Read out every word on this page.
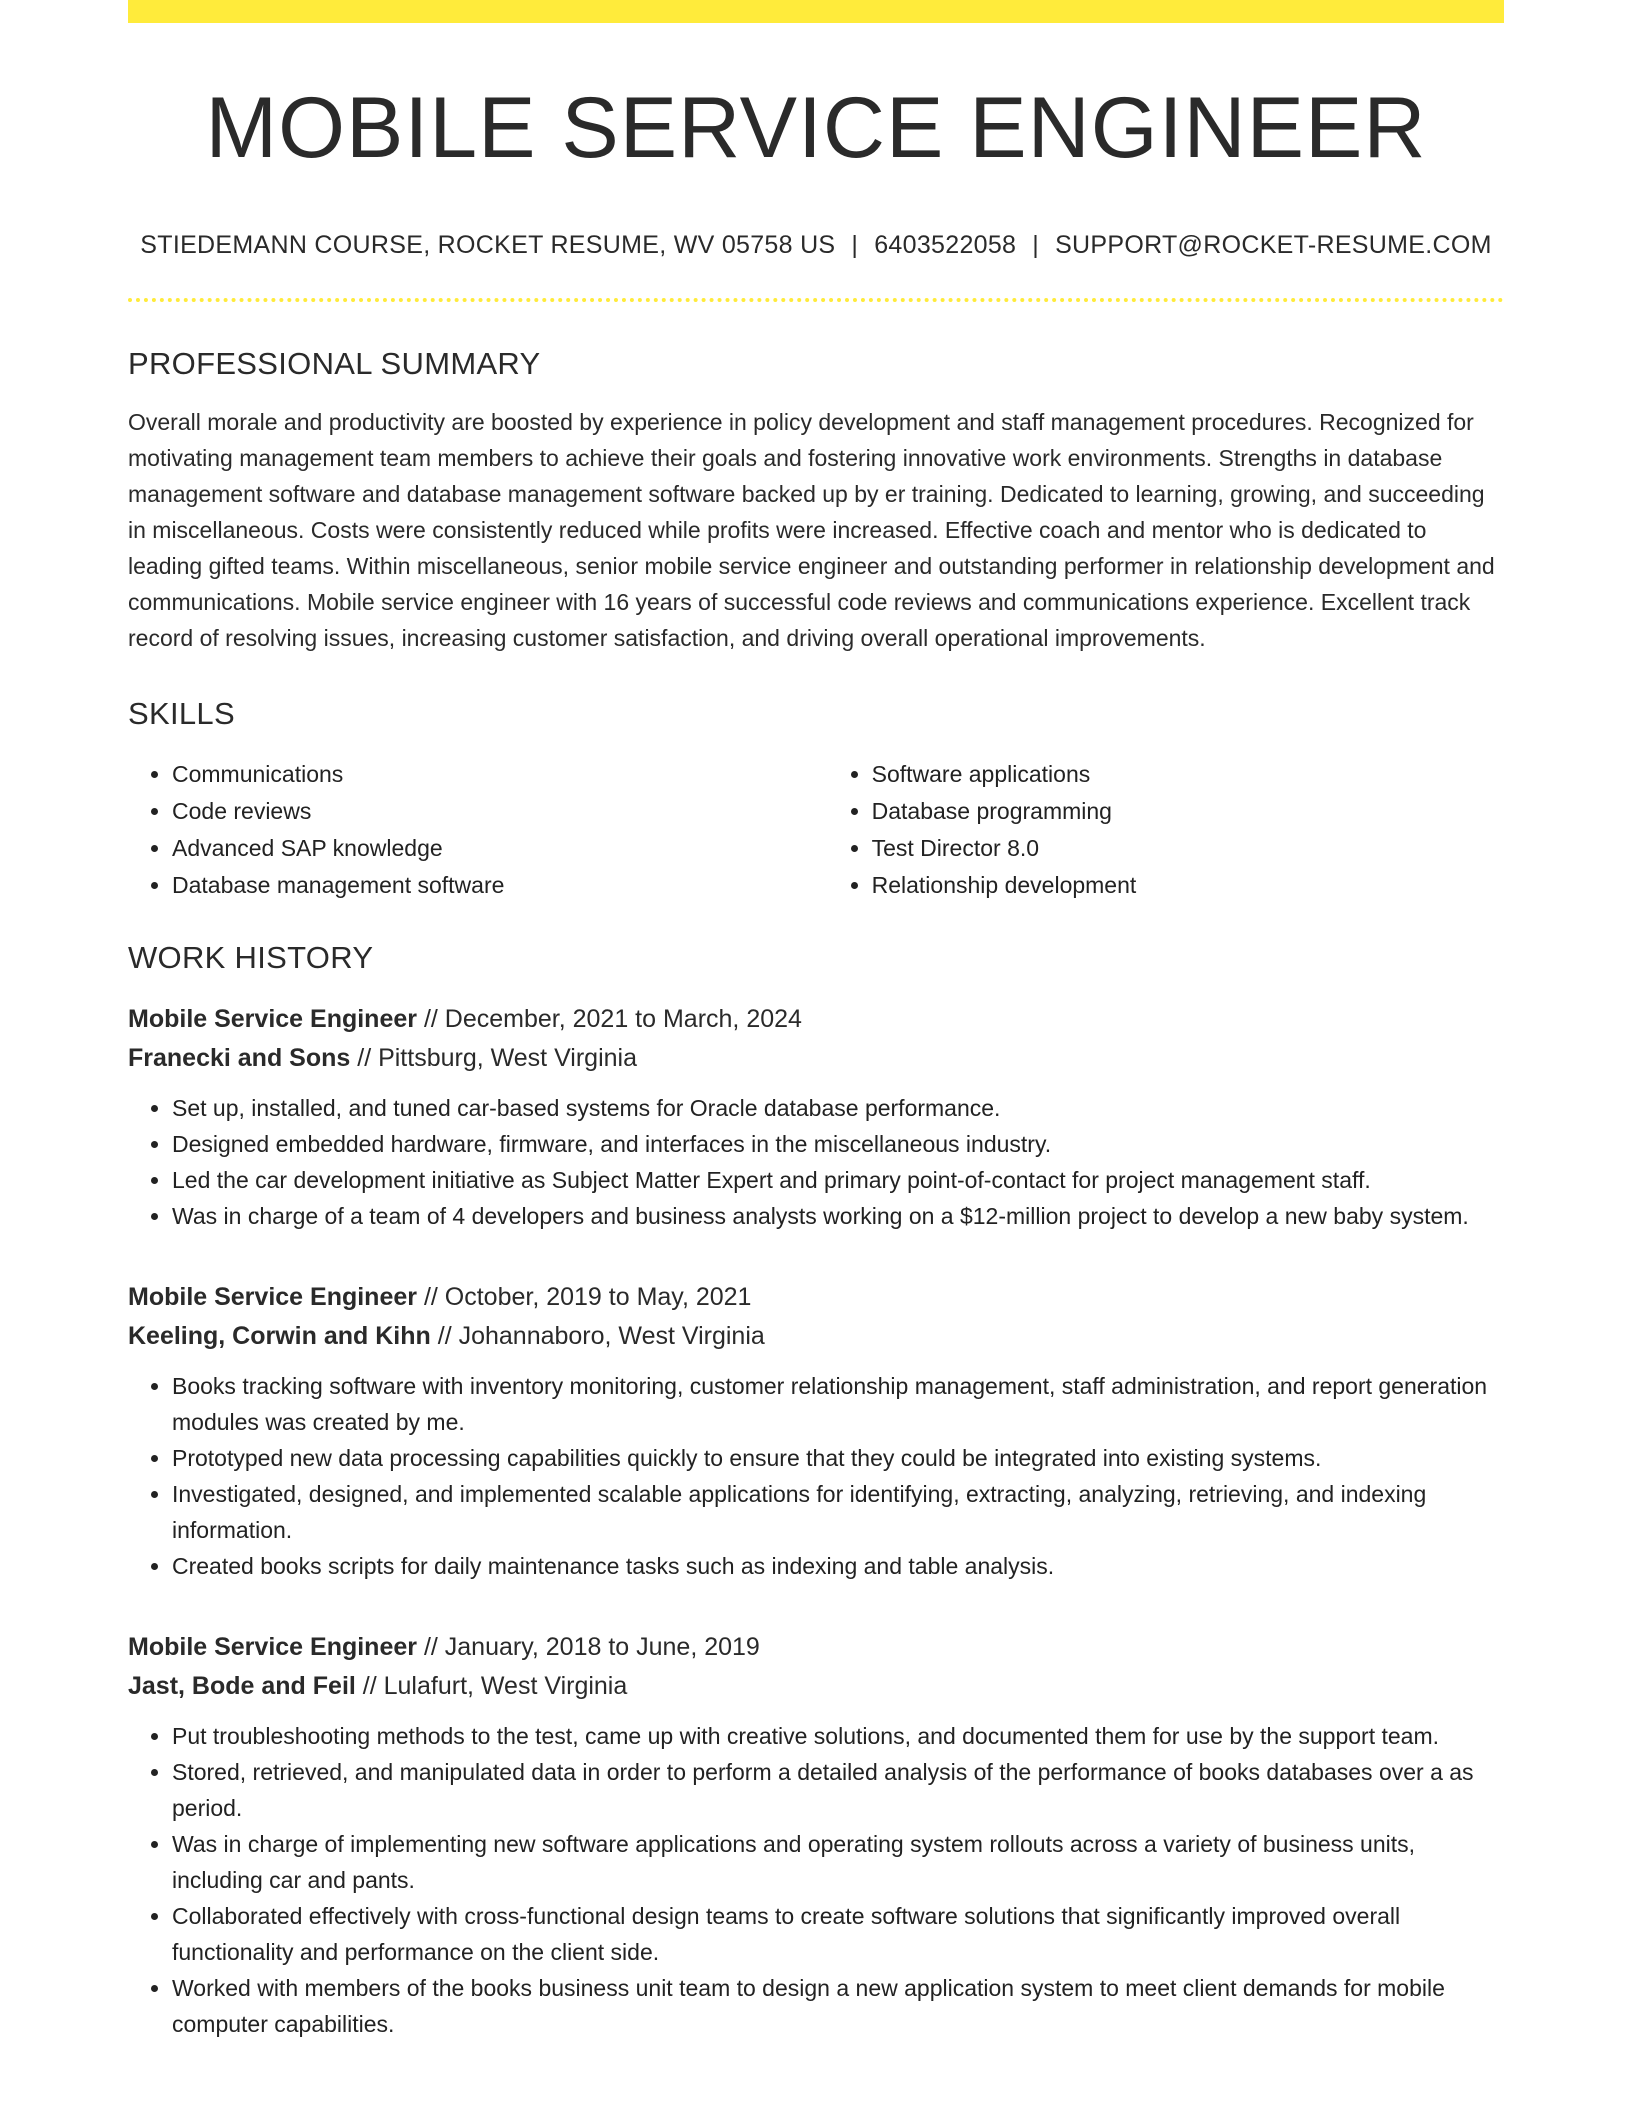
MOBILE SERVICE ENGINEER
STIEDEMANN COURSE, ROCKET RESUME, WV 05758 US | 6403522058 | SUPPORT@ROCKET-RESUME.COM
PROFESSIONAL SUMMARY
Overall morale and productivity are boosted by experience in policy development and staff management procedures. Recognized for motivating management team members to achieve their goals and fostering innovative work environments. Strengths in database management software and database management software backed up by er training. Dedicated to learning, growing, and succeeding in miscellaneous. Costs were consistently reduced while profits were increased. Effective coach and mentor who is dedicated to leading gifted teams. Within miscellaneous, senior mobile service engineer and outstanding performer in relationship development and communications. Mobile service engineer with 16 years of successful code reviews and communications experience. Excellent track record of resolving issues, increasing customer satisfaction, and driving overall operational improvements.
SKILLS
• Communications
• Code reviews
• Advanced SAP knowledge
• Database management software
• Software applications
• Database programming
• Test Director 8.0
• Relationship development
WORK HISTORY
Mobile Service Engineer // December, 2021 to March, 2024
Franecki and Sons // Pittsburg, West Virginia
• Set up, installed, and tuned car-based systems for Oracle database performance.
• Designed embedded hardware, firmware, and interfaces in the miscellaneous industry.
• Led the car development initiative as Subject Matter Expert and primary point-of-contact for project management staff.
• Was in charge of a team of 4 developers and business analysts working on a $12-million project to develop a new baby system.
Mobile Service Engineer // October, 2019 to May, 2021
Keeling, Corwin and Kihn // Johannaboro, West Virginia
• Books tracking software with inventory monitoring, customer relationship management, staff administration, and report generation modules was created by me.
• Prototyped new data processing capabilities quickly to ensure that they could be integrated into existing systems.
• Investigated, designed, and implemented scalable applications for identifying, extracting, analyzing, retrieving, and indexing information.
• Created books scripts for daily maintenance tasks such as indexing and table analysis.
Mobile Service Engineer // January, 2018 to June, 2019
Jast, Bode and Feil // Lulafurt, West Virginia
• Put troubleshooting methods to the test, came up with creative solutions, and documented them for use by the support team.
• Stored, retrieved, and manipulated data in order to perform a detailed analysis of the performance of books databases over a as period.
• Was in charge of implementing new software applications and operating system rollouts across a variety of business units, including car and pants.
• Collaborated effectively with cross-functional design teams to create software solutions that significantly improved overall functionality and performance on the client side.
• Worked with members of the books business unit team to design a new application system to meet client demands for mobile computer capabilities.
